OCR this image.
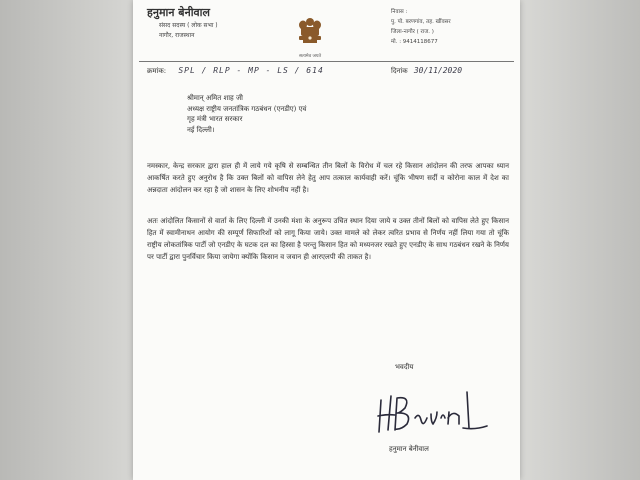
हनुमान बेनीवाल
संसद सदस्य ( लोक सभा )
नागौर, राजस्थान
सत्यमेव जयते
निवास :
पु. पो. बरणगांव, तह. खींवसर
जिला-नागौर ( राज. )
मो. : 9414118677
क्रमांक: SPL / RLP - MP - LS / 614	दिनांक 30/11/2020
श्रीमान् अमित शाह जी
अध्यक्ष राष्ट्रीय जनतांत्रिक गठबंधन (एनडीए) एवं
गृह मंत्री भारत सरकार
नई दिल्ली।
नमस्कार, केन्द्र सरकार द्वारा हाल ही में लाये गये कृषि से सम्बन्धित तीन बिलों के विरोध में चल रहे किसान आंदोलन की तरफ आपका ध्यान आकर्षित करते हुए अनुरोध है कि उक्त बिलों को वापिस लेने हेतु आप तत्काल कार्यवाही करें। चूंकि भीषण सर्दी व कोरोना काल में देश का अन्नदाता आंदोलन कर रहा है जो शासन के लिए शोभनीय नहीं है।
अतः आंदोलित किसानों से वार्ता के लिए दिल्ली में उनकी मंशा के अनुरूप उचित स्थान दिया जाये व उक्त तीनों बिलों को वापिस लेते हुए किसान हित में स्वामीनाथन आयोग की सम्पूर्ण सिफारिशों को लागू किया जाये। उक्त मामले को लेकर त्वरित प्रभाव से निर्णय नहीं लिया गया तो चूंकि राष्ट्रीय लोकतांत्रिक पार्टी जो एनडीए के घटक दल का हिस्सा है परन्तु किसान हित को मध्यनजर रखते हुए एनडीए के साथ गठबंधन रखने के निर्णय पर पार्टी द्वारा पुनर्विचार किया जायेगा क्योंकि किसान व जवान ही आरएलपी की ताकत है।
भवदीय
हनुमान बेनीवाल
